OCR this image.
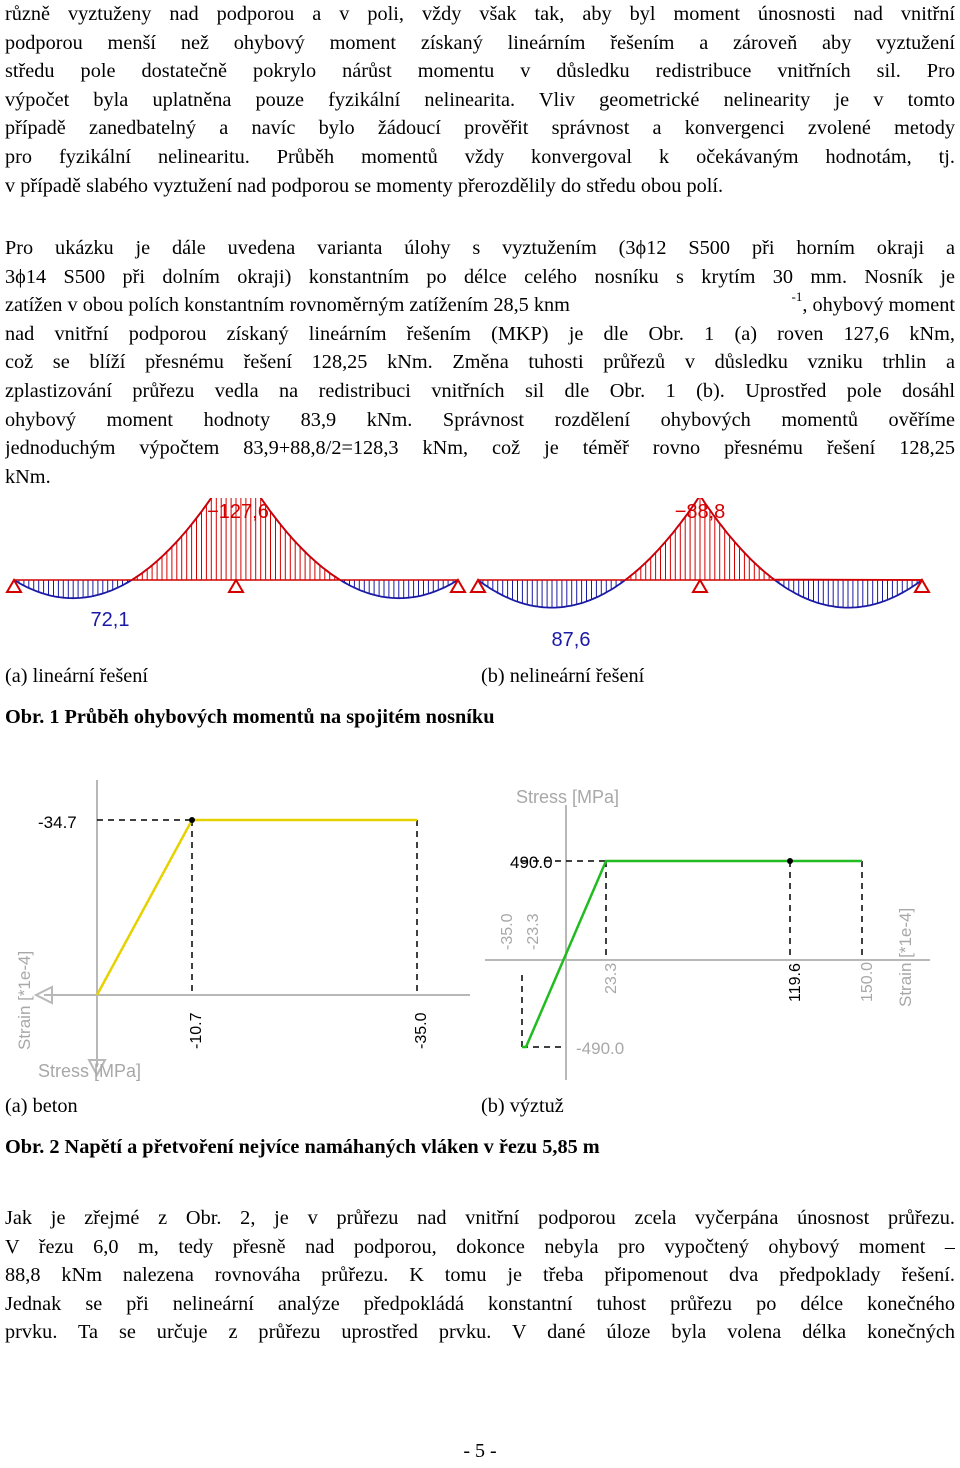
různě vyztuženy nad podporou a v poli, vždy však tak, aby byl moment únosnosti nad vnitřní
podporou menší než ohybový moment získaný lineárním řešením a zároveň aby vyztužení
středu pole dostatečně pokrylo nárůst momentu v důsledku redistribuce vnitřních sil. Pro
výpočet byla uplatněna pouze fyzikální nelinearita. Vliv geometrické nelinearity je v tomto
případě zanedbatelný a navíc bylo žádoucí prověřit správnost a konvergenci zvolené metody
pro fyzikální nelinearitu. Průběh momentů vždy konvergoval k očekávaným hodnotám, tj.
v případě slabého vyztužení nad podporou se momenty přerozdělily do středu obou polí.
Pro ukázku je dále uvedena varianta úlohy s vyztužením (3ϕ12 S500 při horním okraji a
3ϕ14 S500 při dolním okraji) konstantním po délce celého nosníku s krytím 30 mm. Nosník je
zatížen v obou polích konstantním rovnoměrným zatížením 28,5 knm	-1 , ohybový moment
nad vnitřní podporou získaný lineárním řešením (MKP) je dle Obr. 1 (a) roven 127,6 kNm,
což se blíží přesnému řešení 128,25 kNm. Změna tuhosti průřezů v důsledku vzniku trhlin a
zplastizování průřezu vedla na redistribuci vnitřních sil dle Obr. 1 (b). Uprostřed pole dosáhl
ohybový moment hodnoty 83,9 kNm. Správnost rozdělení ohybových momentů ověříme
jednoduchým výpočtem 83,9+88,8/2=128,3 kNm, což je téměř rovno přesnému řešení 128,25
kNm.
−127,6
72,1
−88,8
87,6
(a) lineární řešení	(b) nelineární řešení
Obr. 1 Průběh ohybových momentů na spojitém nosníku
-34.7
-10.7	-35.0
Strain [*1e-4]
Stress [MPa]
Stress [MPa]
490.0
-490.0
-35.0 -23.3
23.3	119.6	150.0 Strain [*1e-4]
(a) beton	(b) výztuž
Obr. 2 Napětí a přetvoření nejvíce namáhaných vláken v řezu 5,85 m
Jak je zřejmé z Obr. 2, je v průřezu nad vnitřní podporou zcela vyčerpána únosnost průřezu.
V řezu 6,0 m, tedy přesně nad podporou, dokonce nebyla pro vypočtený ohybový moment –
88,8 kNm nalezena rovnováha průřezu. K tomu je třeba připomenout dva předpoklady řešení.
Jednak se při nelineární analýze předpokládá konstantní tuhost průřezu po délce konečného
prvku. Ta se určuje z průřezu uprostřed prvku. V dané úloze byla volena délka konečných
- 5 -
